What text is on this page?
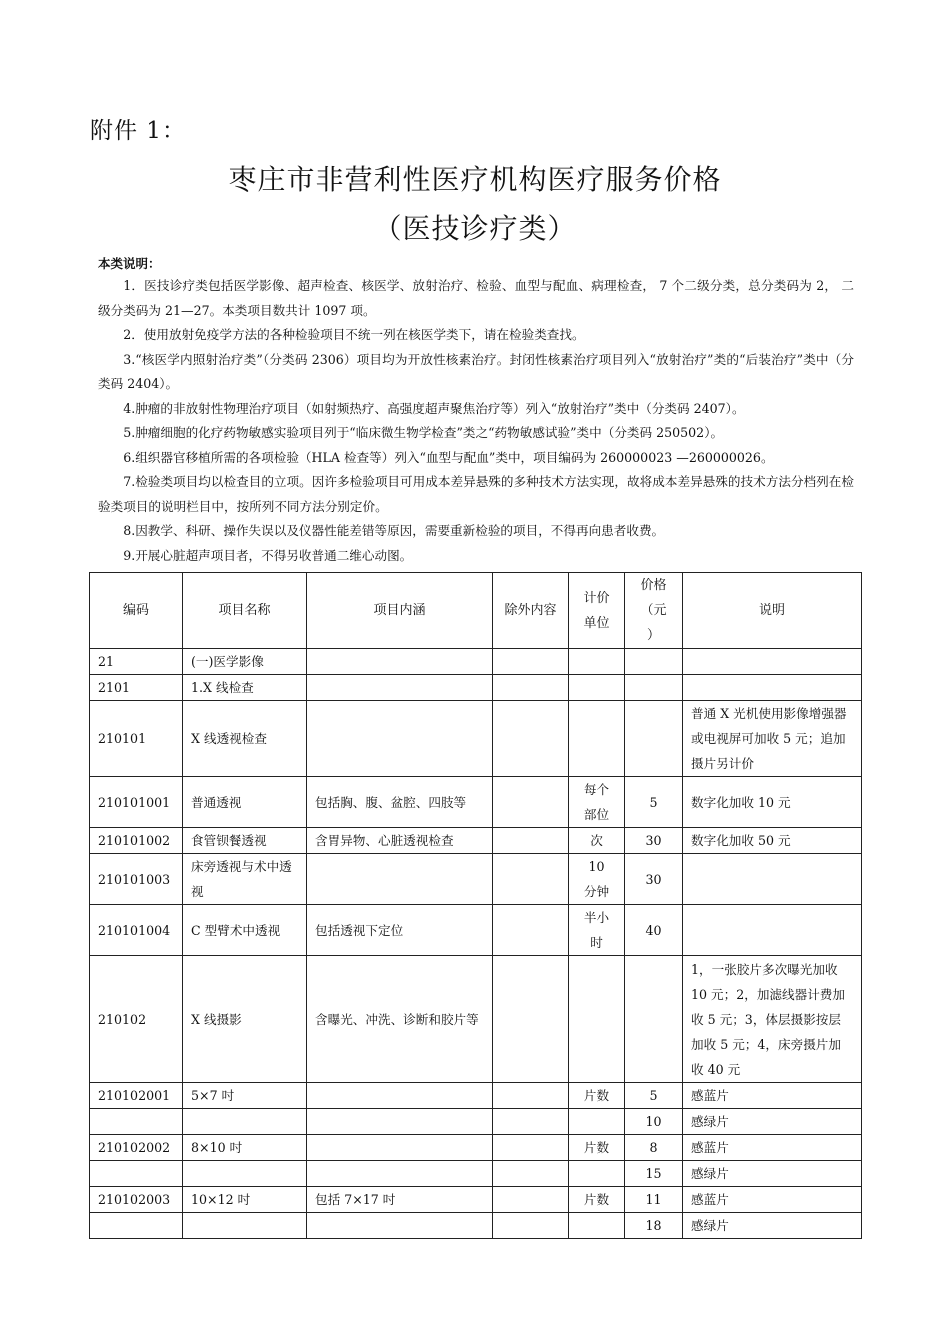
附件 1：
枣庄市非营利性医疗机构医疗服务价格
（医技诊疗类）
本类说明：

1．医技诊疗类包括医学影像、超声检查、核医学、放射治疗、检验、血型与配血、病理检查， 7 个二级分类，总分类码为 2， 二级分类码为 21—27。本类项目数共计 1097 项。

2．使用放射免疫学方法的各种检验项目不统一列在核医学类下，请在检验类查找。

3.“核医学内照射治疗类”（分类码 2306）项目均为开放性核素治疗。封闭性核素治疗项目列入“放射治疗”类的“后装治疗”类中（分类码 2404）。

4.肿瘤的非放射性物理治疗项目（如射频热疗、高强度超声聚焦治疗等）列入“放射治疗”类中（分类码 2407）。

5.肿瘤细胞的化疗药物敏感实验项目列于“临床微生物学检查”类之“药物敏感试验”类中（分类码 250502）。

6.组织器官移植所需的各项检验（HLA 检查等）列入“血型与配血”类中，项目编码为 260000023 —260000026。

7.检验类项目均以检查目的立项。因许多检验项目可用成本差异悬殊的多种技术方法实现，故将成本差异悬殊的技术方法分档列在检验类项目的说明栏目中，按所列不同方法分别定价。

8.因教学、科研、操作失误以及仪器性能差错等原因，需要重新检验的项目，不得再向患者收费。

9.开展心脏超声项目者，不得另收普通二维心动图。

编码	项目名称	项目内涵	除外内容	计价单位	价格（元）	说明
21	(一)医学影像					
2101	1.X 线检查					
210101	X 线透视检查					普通 X 光机使用影像增强器或电视屏可加收 5 元；追加摄片另计价
210101001	普通透视	包括胸、腹、盆腔、四肢等		每个部位	5	数字化加收 10 元
210101002	食管钡餐透视	含胃异物、心脏透视检查		次	30	数字化加收 50 元
210101003	床旁透视与术中透视			10 分钟	30	
210101004	C 型臂术中透视	包括透视下定位		半小时	40	
210102	X 线摄影	含曝光、冲洗、诊断和胶片等				1，一张胶片多次曝光加收 10 元；2，加滤线器计费加收 5 元；3，体层摄影按层加收 5 元；4，床旁摄片加收 40 元
210102001	5×7 吋			片数	5	感蓝片
					10	感绿片
210102002	8×10 吋			片数	8	感蓝片
					15	感绿片
210102003	10×12 吋	包括 7×17 吋		片数	11	感蓝片
					18	感绿片
